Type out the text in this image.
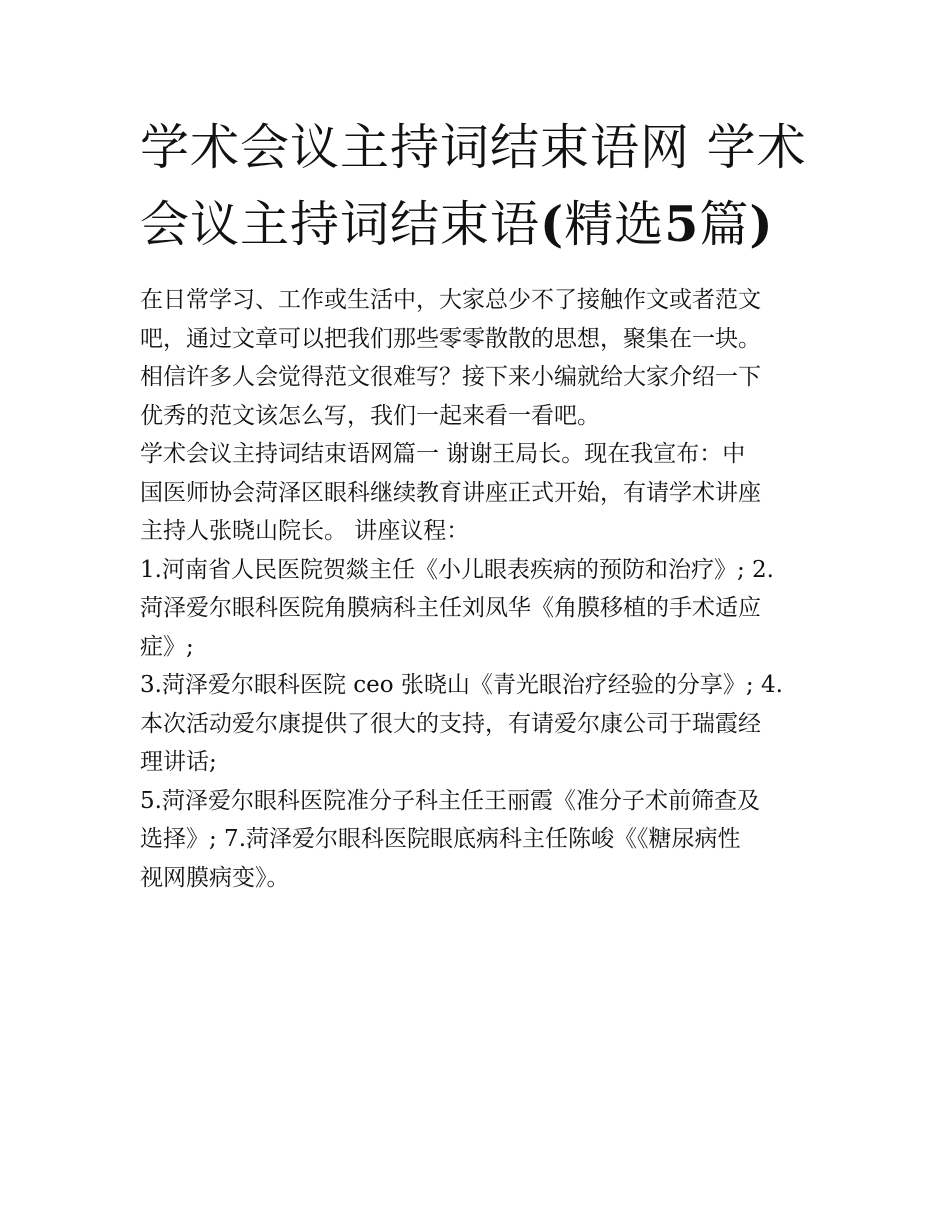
学术会议主持词结束语网 学术
会议主持词结束语(精选5篇)
在日常学习、工作或生活中，大家总少不了接触作文或者范文
吧，通过文章可以把我们那些零零散散的思想，聚集在一块。
相信许多人会觉得范文很难写？接下来小编就给大家介绍一下
优秀的范文该怎么写，我们一起来看一看吧。
学术会议主持词结束语网篇一 谢谢王局长。现在我宣布：中
国医师协会菏泽区眼科继续教育讲座正式开始，有请学术讲座
主持人张晓山院长。 讲座议程：
1.河南省人民医院贺燚主任《小儿眼表疾病的预防和治疗》; 2.
菏泽爱尔眼科医院角膜病科主任刘凤华《角膜移植的手术适应
症》;
3.菏泽爱尔眼科医院 ceo 张晓山《青光眼治疗经验的分享》; 4.
本次活动爱尔康提供了很大的支持，有请爱尔康公司于瑞霞经
理讲话;
5.菏泽爱尔眼科医院准分子科主任王丽霞《准分子术前筛查及
选择》; 7.菏泽爱尔眼科医院眼底病科主任陈峻《《糖尿病性
视网膜病变》。
